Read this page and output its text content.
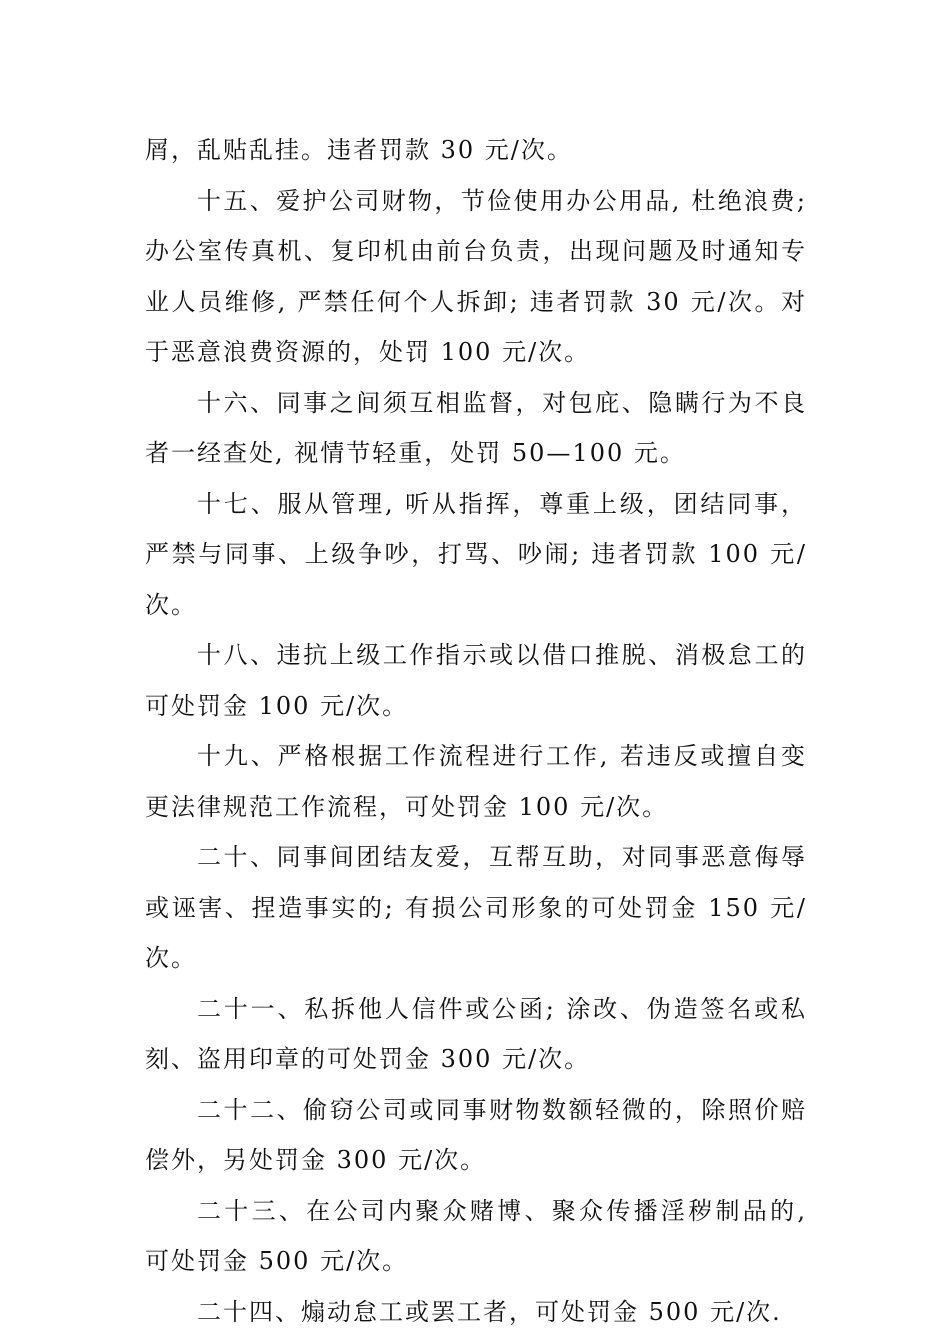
屑，乱贴乱挂。违者罚款 30 元/次。

十五、爱护公司财物，节俭使用办公用品, 杜绝浪费; 办公室传真机、复印机由前台负责，出现问题及时通知专业人员维修, 严禁任何个人拆卸; 违者罚款 30 元/次。对于恶意浪费资源的，处罚 100 元/次。

十六、同事之间须互相监督，对包庇、隐瞒行为不良者一经查处, 视情节轻重，处罚 50—100 元。

十七、服从管理, 听从指挥，尊重上级，团结同事，严禁与同事、上级争吵，打骂、吵闹; 违者罚款 100 元/次。

十八、违抗上级工作指示或以借口推脱、消极怠工的可处罚金 100 元/次。

十九、严格根据工作流程进行工作, 若违反或擅自变更法律规范工作流程，可处罚金 100 元/次。

二十、同事间团结友爱，互帮互助，对同事恶意侮辱或诬害、捏造事实的; 有损公司形象的可处罚金 150 元/次。

二十一、私拆他人信件或公函; 涂改、伪造签名或私刻、盗用印章的可处罚金 300 元/次。

二十二、偷窃公司或同事财物数额轻微的，除照价赔偿外，另处罚金 300 元/次。

二十三、在公司内聚众赌博、聚众传播淫秽制品的, 可处罚金 500 元/次。

二十四、煽动怠工或罢工者，可处罚金 500 元/次.
